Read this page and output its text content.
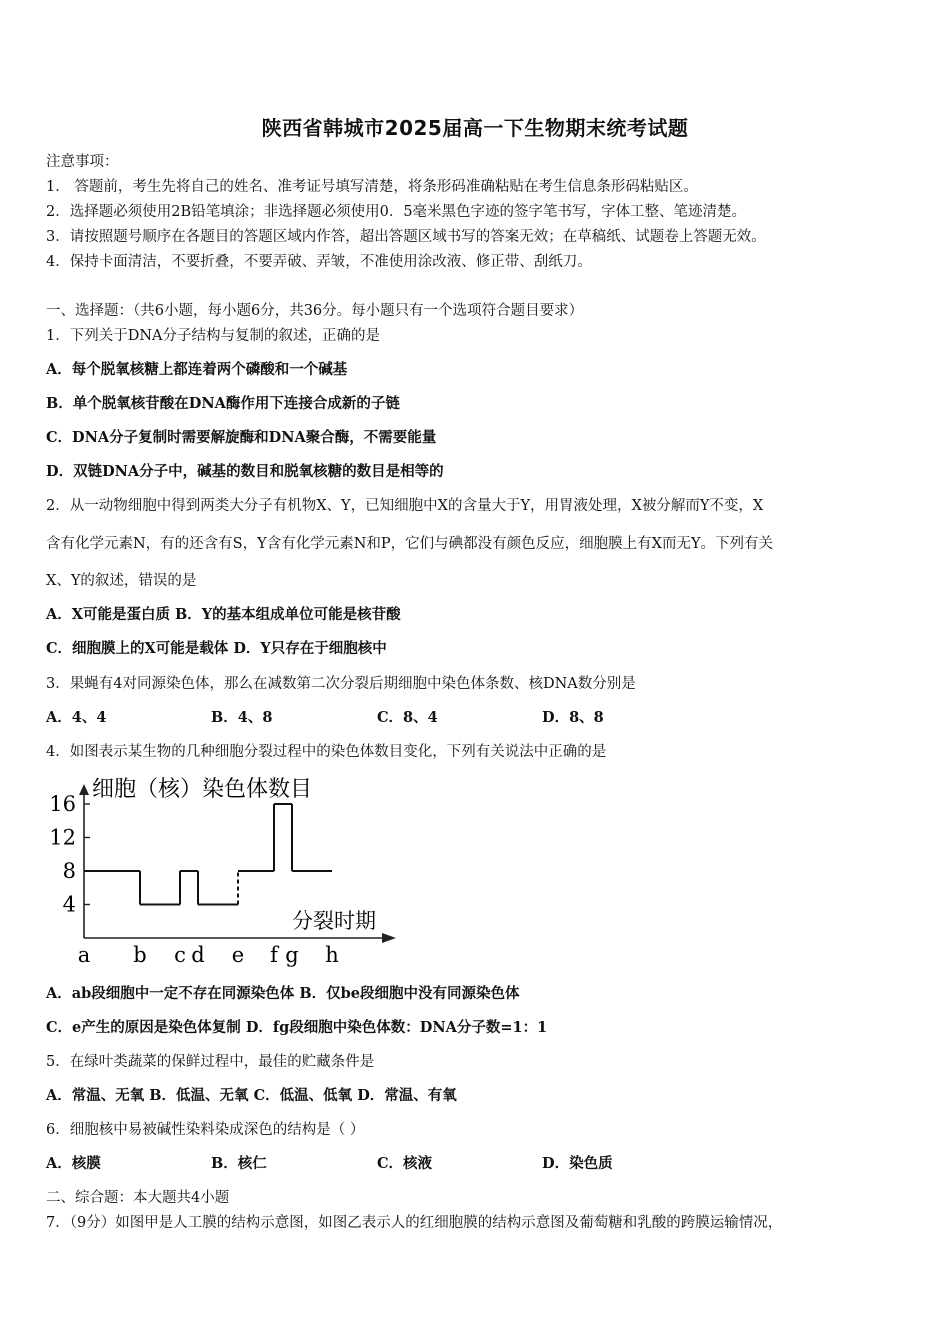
陕西省韩城市2025届高一下生物期末统考试题
注意事项：
1． 答题前，考生先将自己的姓名、准考证号填写清楚，将条形码准确粘贴在考生信息条形码粘贴区。
2．选择题必须使用2B铅笔填涂；非选择题必须使用0．5毫米黑色字迹的签字笔书写，字体工整、笔迹清楚。
3．请按照题号顺序在各题目的答题区域内作答，超出答题区域书写的答案无效；在草稿纸、试题卷上答题无效。
4．保持卡面清洁，不要折叠，不要弄破、弄皱，不准使用涂改液、修正带、刮纸刀。
一、选择题：（共6小题，每小题6分，共36分。每小题只有一个选项符合题目要求）
1．下列关于DNA分子结构与复制的叙述，正确的是
A．每个脱氧核糖上都连着两个磷酸和一个碱基
B．单个脱氧核苷酸在DNA酶作用下连接合成新的子链
C．DNA分子复制时需要解旋酶和DNA聚合酶，不需要能量
D．双链DNA分子中，碱基的数目和脱氧核糖的数目是相等的
2．从一动物细胞中得到两类大分子有机物X、Y，已知细胞中X的含量大于Y，用胃液处理，X被分解而Y不变，X
含有化学元素N，有的还含有S，Y含有化学元素N和P，它们与碘都没有颜色反应，细胞膜上有X而无Y。下列有关
X、Y的叙述，错误的是
A．X可能是蛋白质 B．Y的基本组成单位可能是核苷酸
C．细胞膜上的X可能是载体 D．Y只存在于细胞核中
3．果蝇有4对同源染色体，那么在减数第二次分裂后期细胞中染色体条数、核DNA数分别是
A．4、4	B．4、8	C．8、4	D．8、8
4．如图表示某生物的几种细胞分裂过程中的染色体数目变化，下列有关说法中正确的是
4
8
12
16
a b c d e f g h
细胞（核）染色体数目
分裂时期
A．ab段细胞中一定不存在同源染色体 B．仅be段细胞中没有同源染色体
C．e产生的原因是染色体复制 D．fg段细胞中染色体数：DNA分子数=1：1
5．在绿叶类蔬菜的保鲜过程中，最佳的贮藏条件是
A．常温、无氧 B．低温、无氧 C．低温、低氧 D．常温、有氧
6．细胞核中易被碱性染料染成深色的结构是（ ）
A．核膜	B．核仁	C．核液	D．染色质
二、综合题：本大题共4小题
7．（9分）如图甲是人工膜的结构示意图，如图乙表示人的红细胞膜的结构示意图及葡萄糖和乳酸的跨膜运输情况，
